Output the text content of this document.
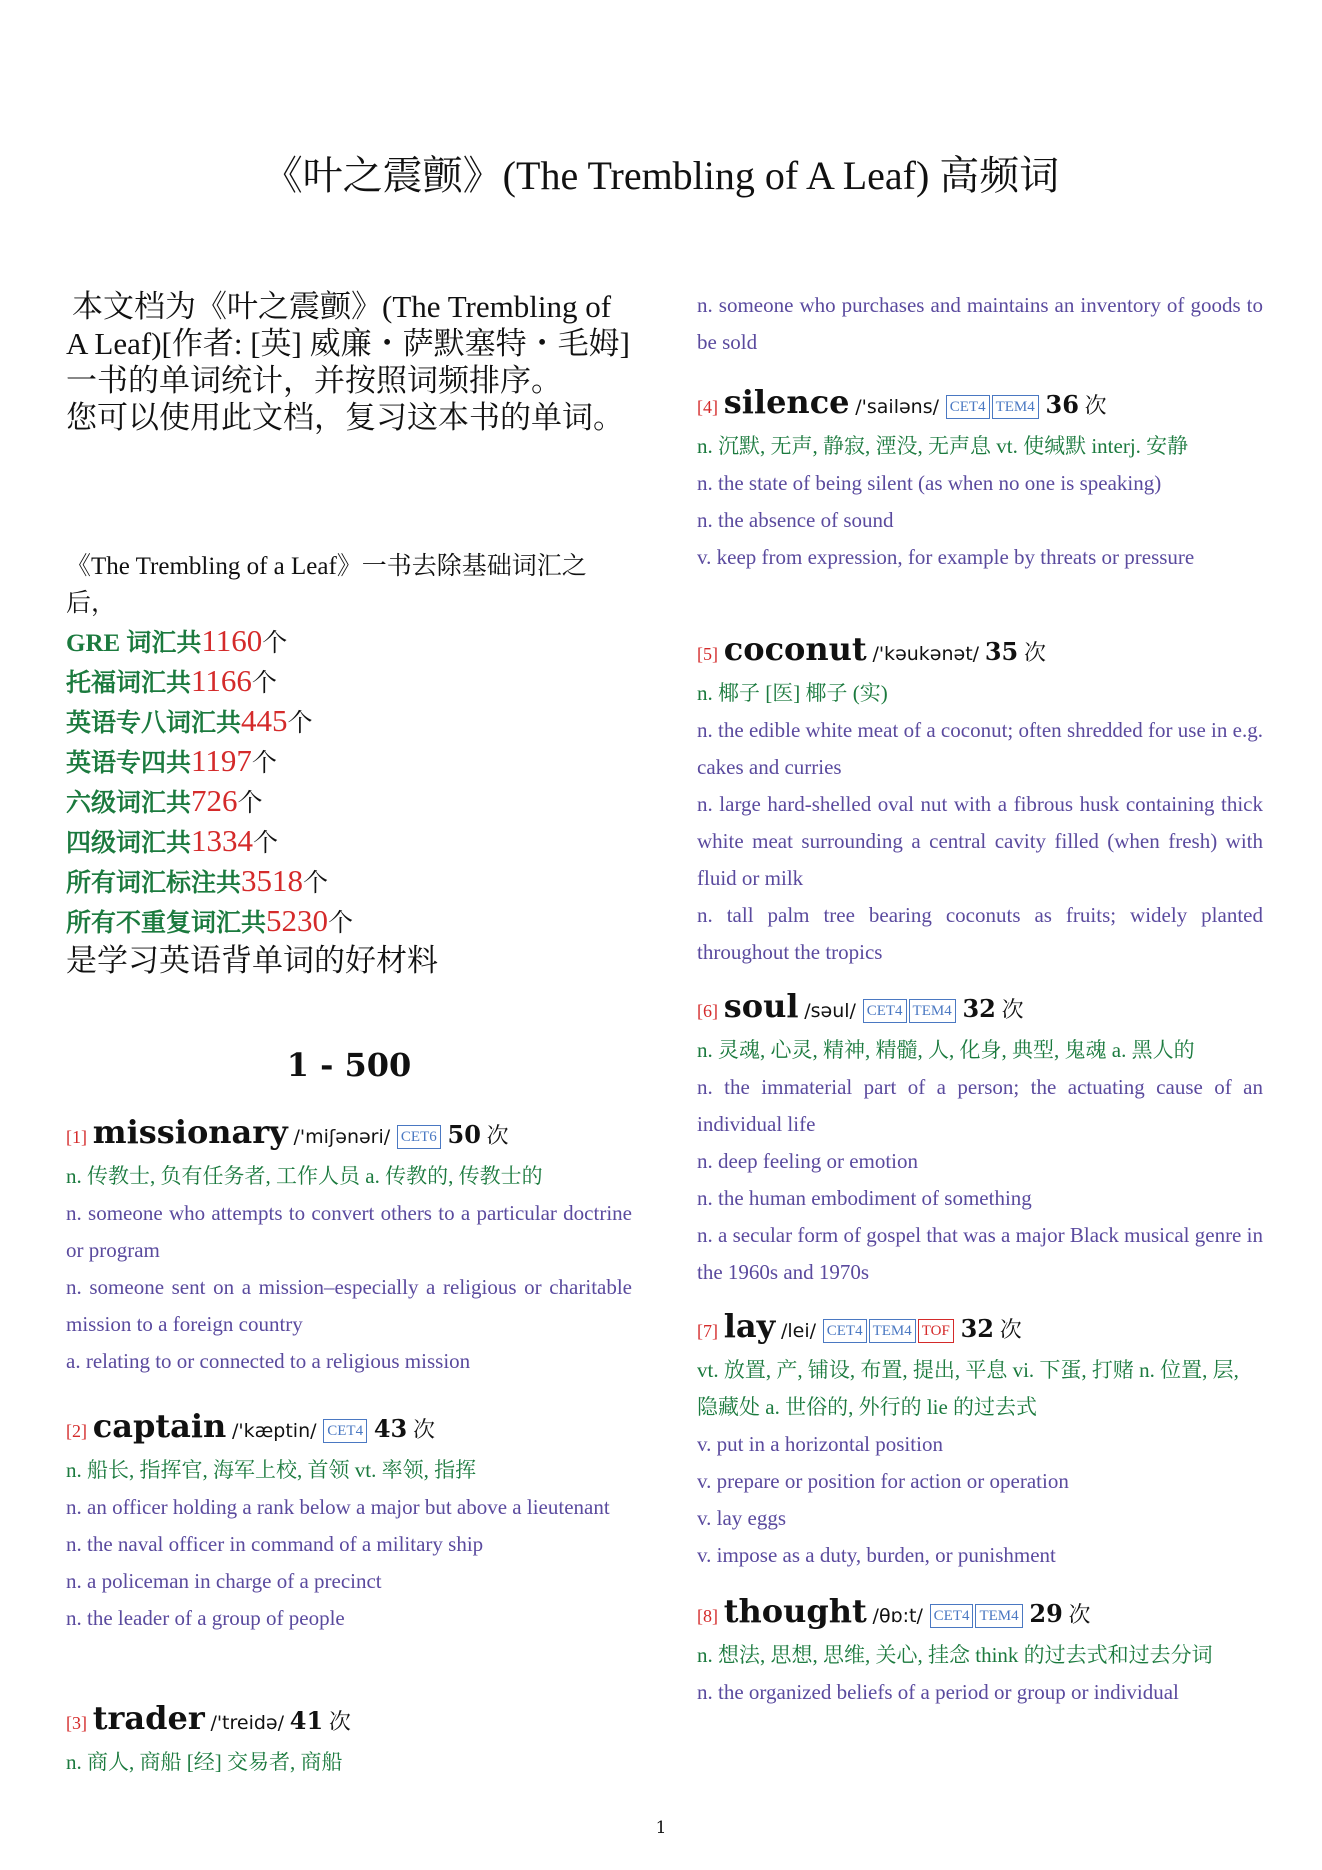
《叶之震颤》(The Trembling of A Leaf) 高频词

本文档为《叶之震颤》(The Trembling of A Leaf)[作者: [英] 威廉・萨默塞特・毛姆] 一书的单词统计，并按照词频排序。

您可以使用此文档，复习这本书的单词。

《The Trembling of a Leaf》一书去除基础词汇之后，
GRE 词汇共1160个
托福词汇共1166个
英语专八词汇共445个
英语专四共1197个
六级词汇共726个
四级词汇共1334个
所有词汇标注共3518个
所有不重复词汇共5230个
是学习英语背单词的好材料
1 - 500
[1] missionary /'miʃənəri/ CET6 50 次
n. 传教士, 负有任务者, 工作人员 a. 传教的, 传教士的
n. someone who attempts to convert others to a particular doctrine or program
n. someone sent on a mission–especially a religious or charitable mission to a foreign country
a. relating to or connected to a religious mission
[2] captain /'kæptin/ CET4 43 次
n. 船长, 指挥官, 海军上校, 首领 vt. 率领, 指挥
n. an officer holding a rank below a major but above a lieutenant
n. the naval officer in command of a military ship
n. a policeman in charge of a precinct
n. the leader of a group of people
[3] trader /'treidə/ 41 次
n. 商人, 商船 [经] 交易者, 商船
n. someone who purchases and maintains an inventory of goods to be sold
[4] silence /'sailəns/ CET4 TEM4 36 次
n. 沉默, 无声, 静寂, 湮没, 无声息 vt. 使缄默 interj. 安静
n. the state of being silent (as when no one is speaking)
n. the absence of sound
v. keep from expression, for example by threats or pressure
[5] coconut /'kəukənət/ 35 次
n. 椰子 [医] 椰子 (实)
n. the edible white meat of a coconut; often shredded for use in e.g. cakes and curries
n. large hard-shelled oval nut with a fibrous husk containing thick white meat surrounding a central cavity filled (when fresh) with fluid or milk
n. tall palm tree bearing coconuts as fruits; widely planted throughout the tropics
[6] soul /səul/ CET4 TEM4 32 次
n. 灵魂, 心灵, 精神, 精髓, 人, 化身, 典型, 鬼魂 a. 黑人的
n. the immaterial part of a person; the actuating cause of an individual life
n. deep feeling or emotion
n. the human embodiment of something
n. a secular form of gospel that was a major Black musical genre in the 1960s and 1970s
[7] lay /lei/ CET4 TEM4 TOF 32 次
vt. 放置, 产, 铺设, 布置, 提出, 平息 vi. 下蛋, 打赌 n. 位置, 层, 隐藏处 a. 世俗的, 外行的 lie 的过去式
v. put in a horizontal position
v. prepare or position for action or operation
v. lay eggs
v. impose as a duty, burden, or punishment
[8] thought /θɒ:t/ CET4 TEM4 29 次
n. 想法, 思想, 思维, 关心, 挂念 think 的过去式和过去分词
n. the organized beliefs of a period or group or individual
1
